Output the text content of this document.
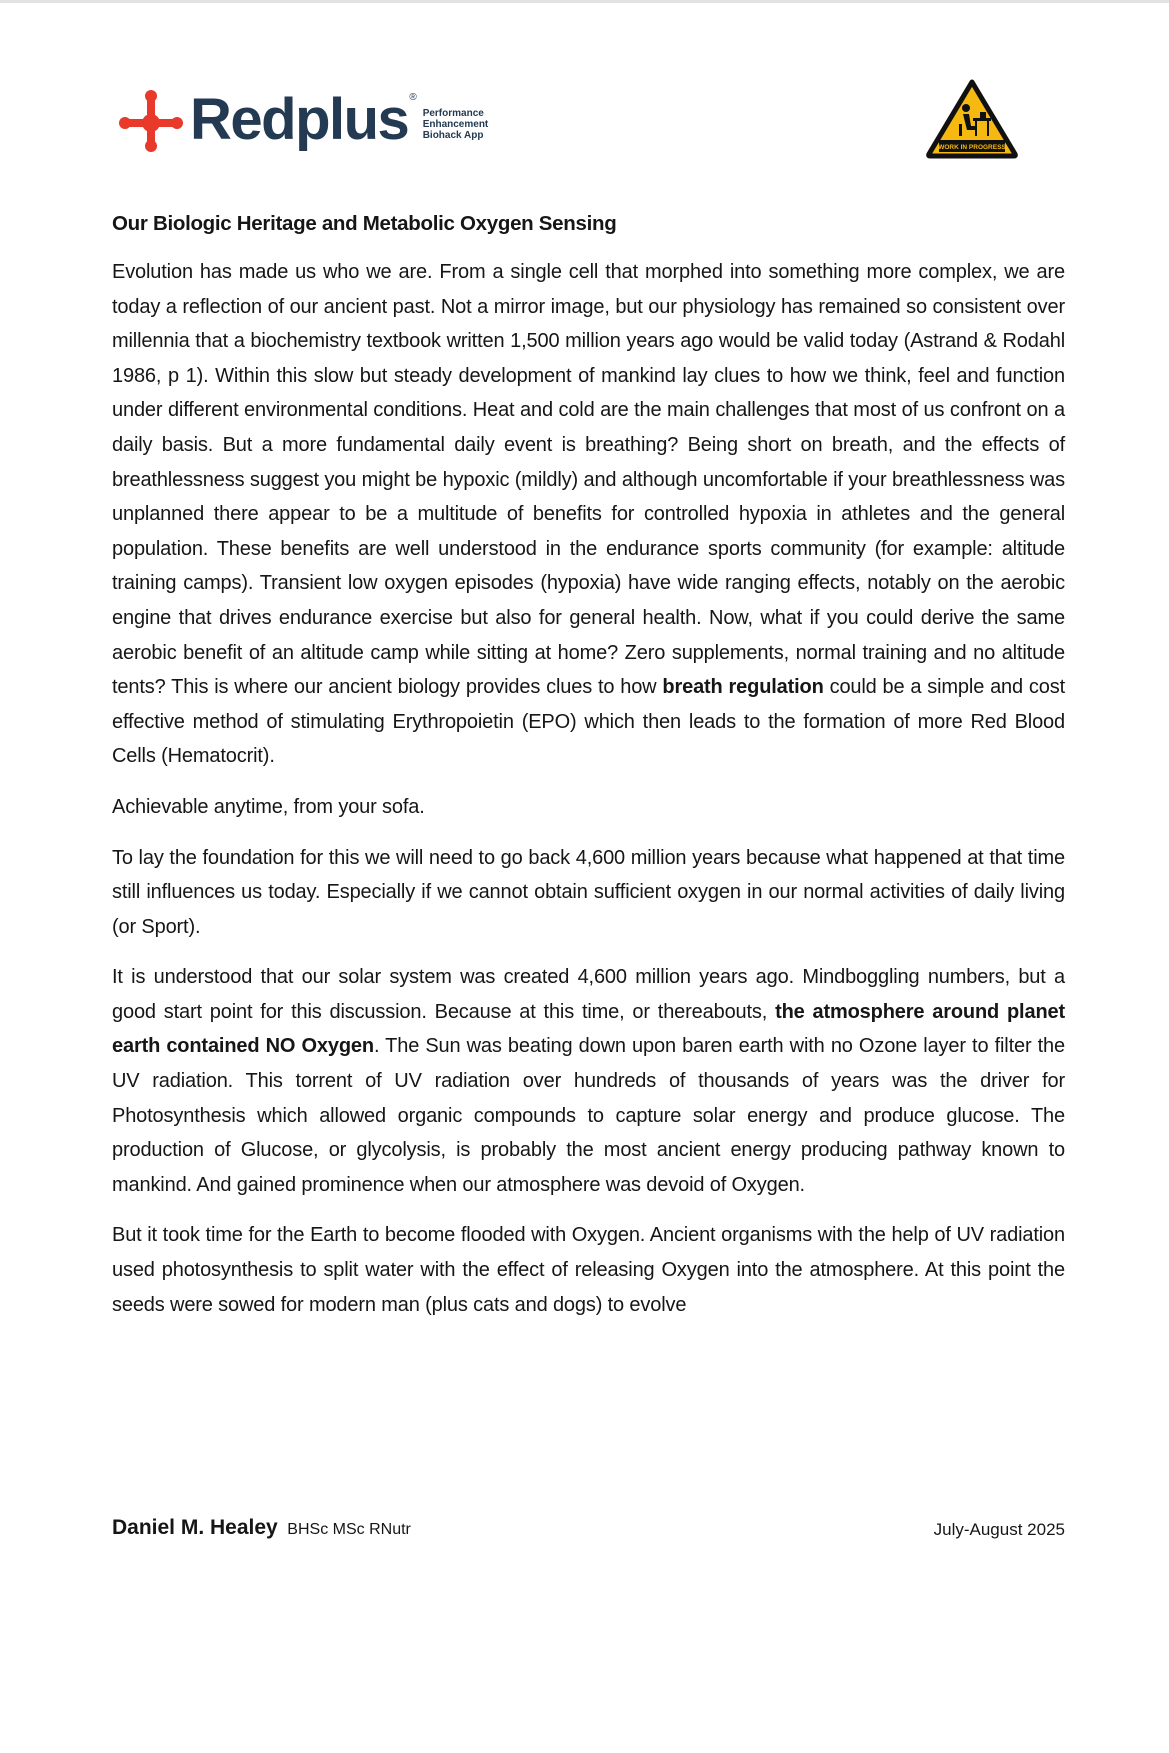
Redplus ®
Performance
Enhancement
Biohack App
WORK IN PROGRESS
Our Biologic Heritage and Metabolic Oxygen Sensing

Evolution has made us who we are. From a single cell that morphed into something more complex, we are today a reflection of our ancient past. Not a mirror image, but our physiology has remained so consistent over millennia that a biochemistry textbook written 1,500 million years ago would be valid today (Astrand & Rodahl 1986, p 1). Within this slow but steady development of mankind lay clues to how we think, feel and function under different environmental conditions. Heat and cold are the main challenges that most of us confront on a daily basis. But a more fundamental daily event is breathing? Being short on breath, and the effects of breathlessness suggest you might be hypoxic (mildly) and although uncomfortable if your breathlessness was unplanned there appear to be a multitude of benefits for controlled hypoxia in athletes and the general population. These benefits are well understood in the endurance sports community (for example: altitude training camps). Transient low oxygen episodes (hypoxia) have wide ranging effects, notably on the aerobic engine that drives endurance exercise but also for general health. Now, what if you could derive the same aerobic benefit of an altitude camp while sitting at home? Zero supplements, normal training and no altitude tents? This is where our ancient biology provides clues to how breath regulation could be a simple and cost effective method of stimulating Erythropoietin (EPO) which then leads to the formation of more Red Blood Cells (Hematocrit).

Achievable anytime, from your sofa.

To lay the foundation for this we will need to go back 4,600 million years because what happened at that time still influences us today. Especially if we cannot obtain sufficient oxygen in our normal activities of daily living (or Sport).

It is understood that our solar system was created 4,600 million years ago. Mindboggling numbers, but a good start point for this discussion. Because at this time, or thereabouts, the atmosphere around planet earth contained NO Oxygen. The Sun was beating down upon baren earth with no Ozone layer to filter the UV radiation. This torrent of UV radiation over hundreds of thousands of years was the driver for Photosynthesis which allowed organic compounds to capture solar energy and produce glucose. The production of Glucose, or glycolysis, is probably the most ancient energy producing pathway known to mankind. And gained prominence when our atmosphere was devoid of Oxygen.

But it took time for the Earth to become flooded with Oxygen. Ancient organisms with the help of UV radiation used photosynthesis to split water with the effect of releasing Oxygen into the atmosphere. At this point the seeds were sowed for modern man (plus cats and dogs) to evolve

Daniel M. Healey BHSc MSc RNutr	July-August 2025
